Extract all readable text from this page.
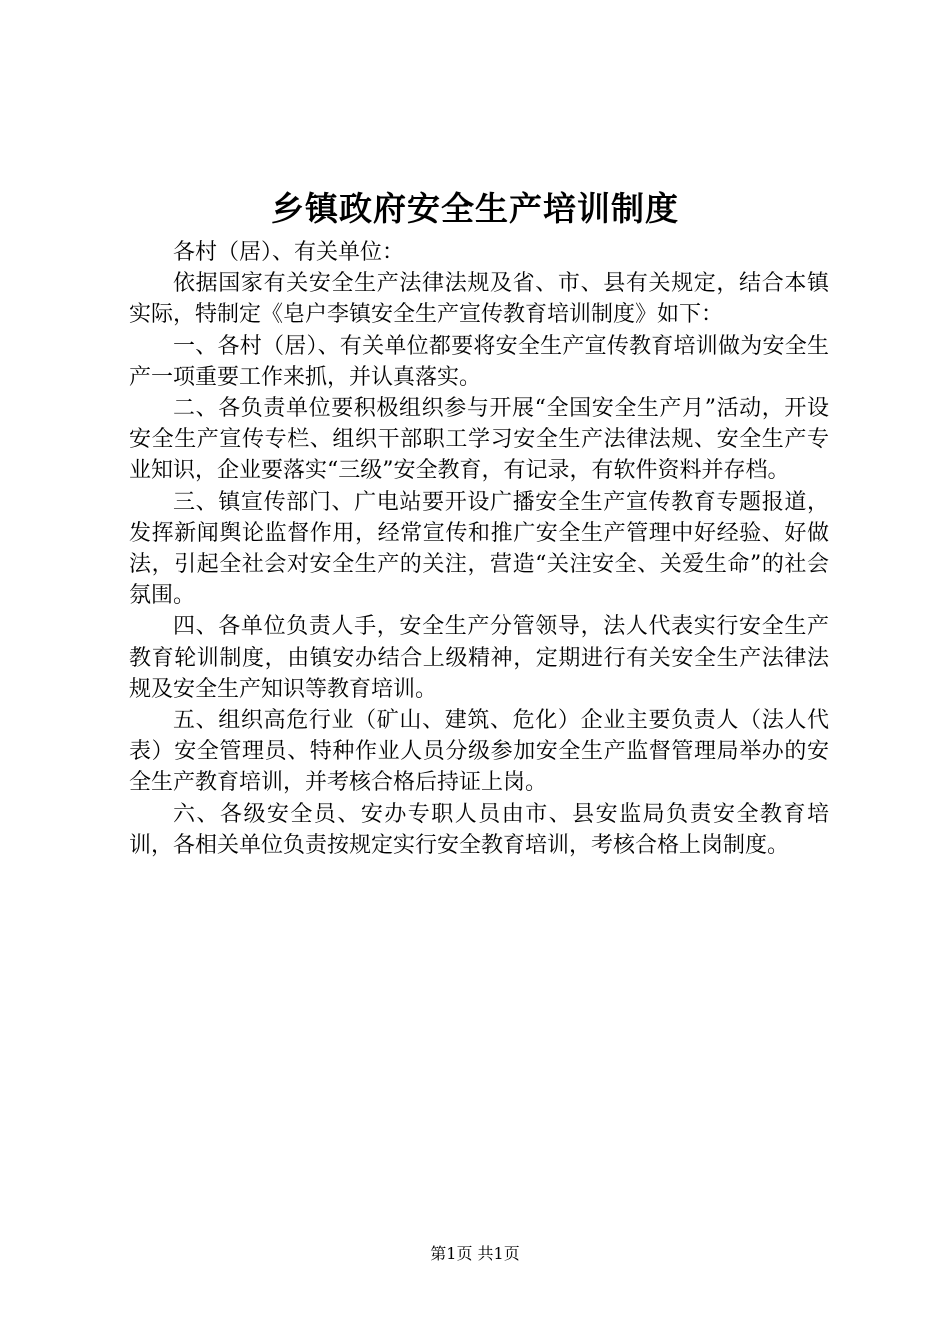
乡镇政府安全生产培训制度

各村（居）、有关单位：

依据国家有关安全生产法律法规及省、市、县有关规定，结合本镇实际，特制定《皂户李镇安全生产宣传教育培训制度》如下：

一、各村（居）、有关单位都要将安全生产宣传教育培训做为安全生产一项重要工作来抓，并认真落实。

二、各负责单位要积极组织参与开展“全国安全生产月”活动，开设安全生产宣传专栏、组织干部职工学习安全生产法律法规、安全生产专业知识，企业要落实“三级”安全教育，有记录，有软件资料并存档。

三、镇宣传部门、广电站要开设广播安全生产宣传教育专题报道，发挥新闻舆论监督作用，经常宣传和推广安全生产管理中好经验、好做法，引起全社会对安全生产的关注，营造“关注安全、关爱生命”的社会氛围。

四、各单位负责人手，安全生产分管领导，法人代表实行安全生产教育轮训制度，由镇安办结合上级精神，定期进行有关安全生产法律法规及安全生产知识等教育培训。

五、组织高危行业（矿山、建筑、危化）企业主要负责人（法人代表）安全管理员、特种作业人员分级参加安全生产监督管理局举办的安全生产教育培训，并考核合格后持证上岗。

六、各级安全员、安办专职人员由市、县安监局负责安全教育培训，各相关单位负责按规定实行安全教育培训，考核合格上岗制度。

第1页 共1页
